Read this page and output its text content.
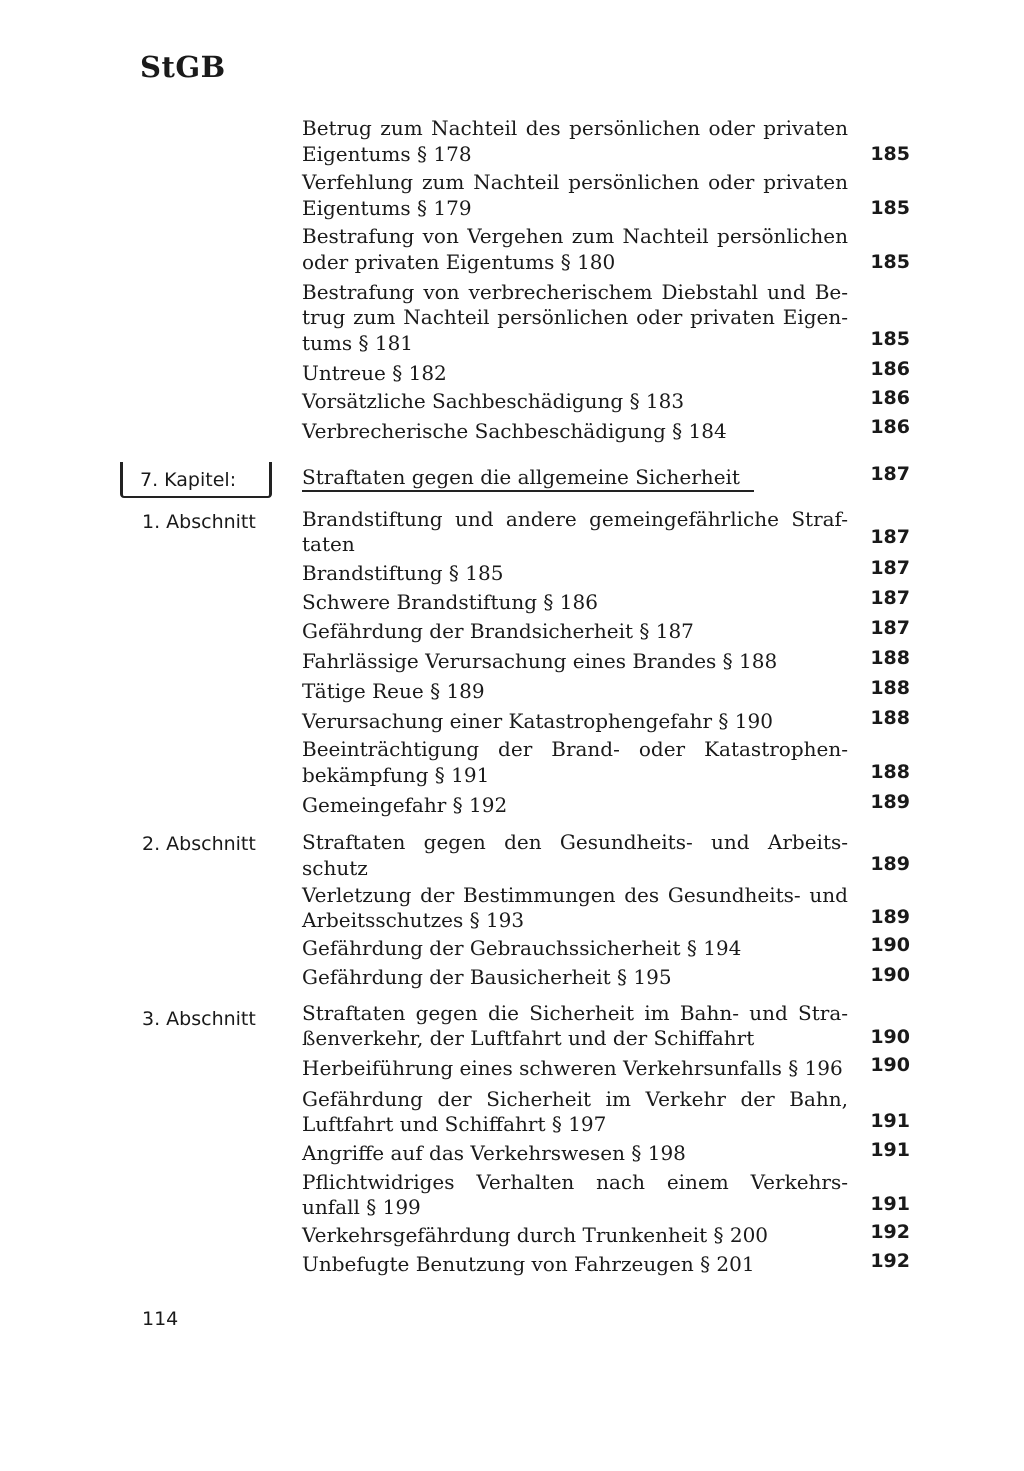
StGB
Betrug zum Nachteil des persönlichen oder privaten
Eigentums § 178	185
Verfehlung zum Nachteil persönlichen oder privaten
Eigentums § 179	185
Bestrafung von Vergehen zum Nachteil persönlichen
oder privaten Eigentums § 180	185
Bestrafung von verbrecherischem Diebstahl und Be-
trug zum Nachteil persönlichen oder privaten Eigen-
tums § 181	185
Untreue § 182	186
Vorsätzliche Sachbeschädigung § 183	186
Verbrecherische Sachbeschädigung § 184	186
7. Kapitel:	Straftaten gegen die allgemeine Sicherheit	187
1. Abschnitt Brandstiftung und andere gemeingefährliche Straf-
taten	187
Brandstiftung § 185	187
Schwere Brandstiftung § 186	187
Gefährdung der Brandsicherheit § 187	187
Fahrlässige Verursachung eines Brandes § 188	188
Tätige Reue § 189	188
Verursachung einer Katastrophengefahr § 190	188
Beeinträchtigung der Brand- oder Katastrophen-
bekämpfung § 191	188
Gemeingefahr § 192	189
2. Abschnitt Straftaten gegen den Gesundheits- und Arbeits-
schutz	189
Verletzung der Bestimmungen des Gesundheits- und
Arbeitsschutzes § 193	189
Gefährdung der Gebrauchssicherheit § 194	190
Gefährdung der Bausicherheit § 195	190
3. Abschnitt Straftaten gegen die Sicherheit im Bahn- und Stra-
ßenverkehr, der Luftfahrt und der Schiffahrt	190
Herbeiführung eines schweren Verkehrsunfalls § 196	190
Gefährdung der Sicherheit im Verkehr der Bahn,
Luftfahrt und Schiffahrt § 197	191
Angriffe auf das Verkehrswesen § 198	191
Pflichtwidriges Verhalten nach einem Verkehrs-
unfall § 199	191
Verkehrsgefährdung durch Trunkenheit § 200	192
Unbefugte Benutzung von Fahrzeugen § 201	192
114
